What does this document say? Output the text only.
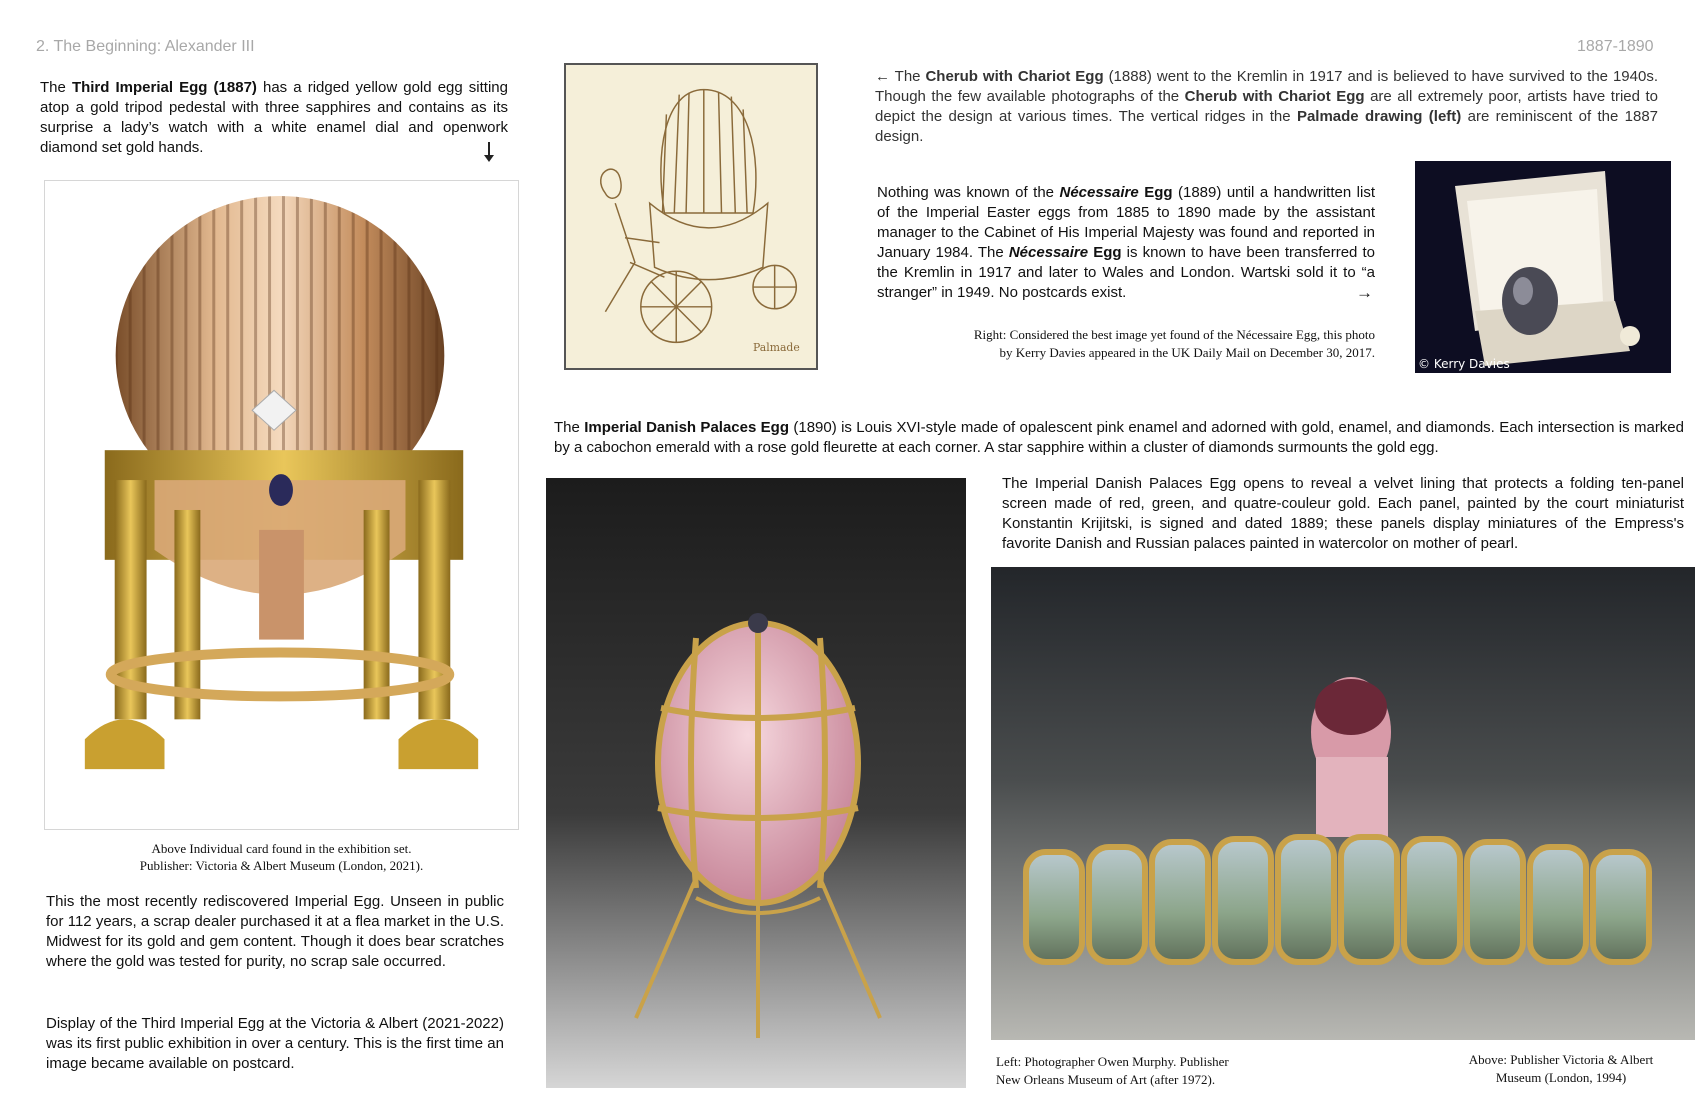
2. The Beginning: Alexander III	1887-1890
The Third Imperial Egg (1887) has a ridged yellow gold egg sitting atop a gold tripod pedestal with three sapphires and contains as its surprise a lady’s watch with a white enamel dial and openwork diamond set gold hands.
Above Individual card found in the exhibition set.
Publisher: Victoria & Albert Museum (London, 2021).
This the most recently rediscovered Imperial Egg. Unseen in public for 112 years, a scrap dealer purchased it at a flea market in the U.S. Midwest for its gold and gem content. Though it does bear scratches where the gold was tested for purity, no scrap sale occurred.
Display of the Third Imperial Egg at the Victoria & Albert (2021-2022) was its first public exhibition in over a century. This is the first time an image became available on postcard.
Palmade
← The Cherub with Chariot Egg (1888) went to the Kremlin in 1917 and is believed to have survived to the 1940s. Though the few available photographs of the Cherub with Chariot Egg are all extremely poor, artists have tried to depict the design at various times. The vertical ridges in the Palmade drawing (left) are reminiscent of the 1887 design.
Nothing was known of the Nécessaire Egg (1889) until a handwritten list of the Imperial Easter eggs from 1885 to 1890 made by the assistant manager to the Cabinet of His Imperial Majesty was found and reported in January 1984. The Nécessaire Egg is known to have been transferred to the Kremlin in 1917 and later to Wales and London. Wartski sold it to “a stranger” in 1949. No postcards exist.	→
Right: Considered the best image yet found of the Nécessaire Egg, this photo
by Kerry Davies appeared in the UK Daily Mail on December 30, 2017.
© Kerry Davies
The Imperial Danish Palaces Egg (1890) is Louis XVI-style made of opalescent pink enamel and adorned with gold, enamel, and diamonds. Each intersection is marked by a cabochon emerald with a rose gold fleurette at each corner. A star sapphire within a cluster of diamonds surmounts the gold egg.
The Imperial Danish Palaces Egg opens to reveal a velvet lining that protects a folding ten-panel screen made of red, green, and quatre-couleur gold. Each panel, painted by the court miniaturist Konstantin Krijitski, is signed and dated 1889; these panels display miniatures of the Empress's favorite Danish and Russian palaces painted in watercolor on mother of pearl.
Left: Photographer Owen Murphy. Publisher
New Orleans Museum of Art (after 1972).
Above: Publisher Victoria & Albert
Museum (London, 1994)
